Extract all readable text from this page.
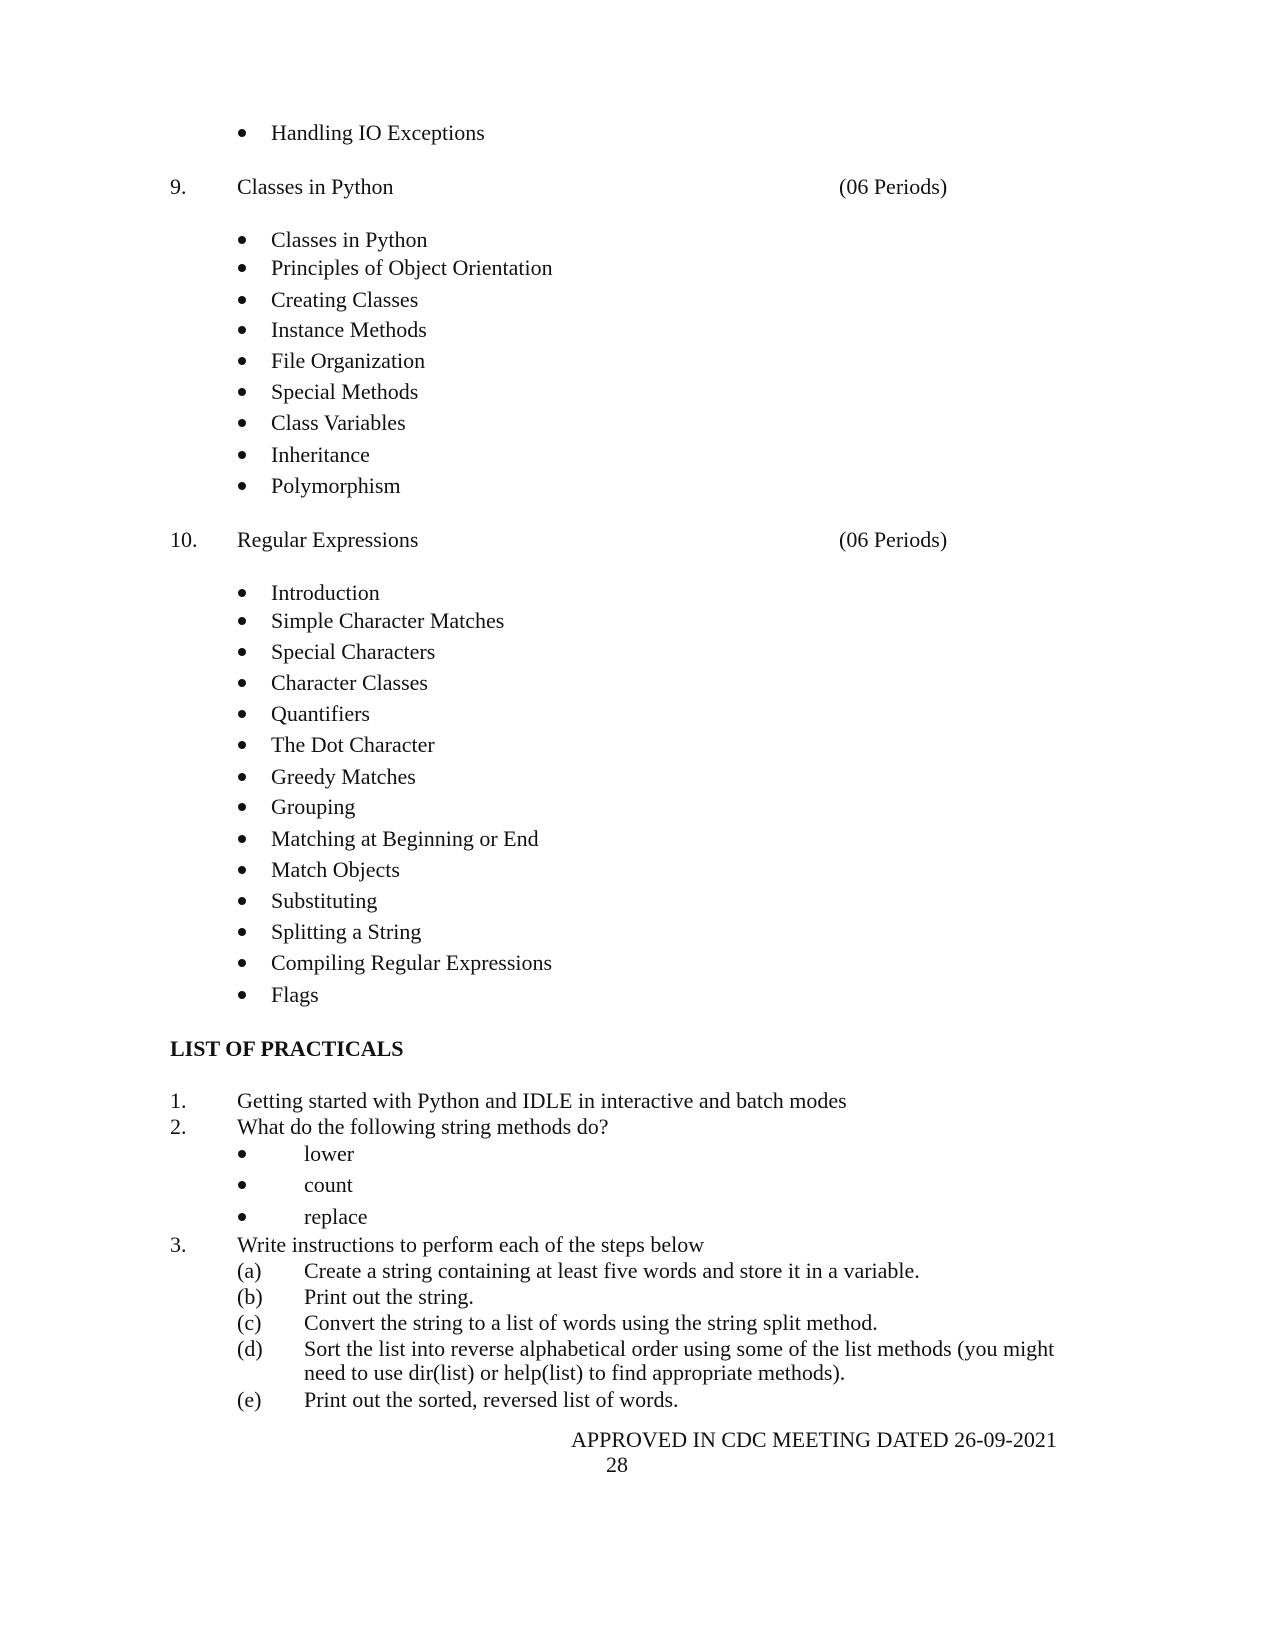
Handling IO Exceptions
9. Classes in Python	(06 Periods)
Classes in Python
Principles of Object Orientation
Creating Classes
Instance Methods
File Organization
Special Methods
Class Variables
Inheritance
Polymorphism
10. Regular Expressions	(06 Periods)
Introduction
Simple Character Matches
Special Characters
Character Classes
Quantifiers
The Dot Character
Greedy Matches
Grouping
Matching at Beginning or End
Match Objects
Substituting
Splitting a String
Compiling Regular Expressions
Flags
LIST OF PRACTICALS
1. Getting started with Python and IDLE in interactive and batch modes
2. What do the following string methods do?
lower
count
replace
3. Write instructions to perform each of the steps below
(a) Create a string containing at least five words and store it in a variable.
(b) Print out the string.
(c) Convert the string to a list of words using the string split method.
(d) Sort the list into reverse alphabetical order using some of the list methods (you might
need to use dir(list) or help(list) to find appropriate methods).
(e) Print out the sorted, reversed list of words.
APPROVED IN CDC MEETING DATED 26-09-2021
28
